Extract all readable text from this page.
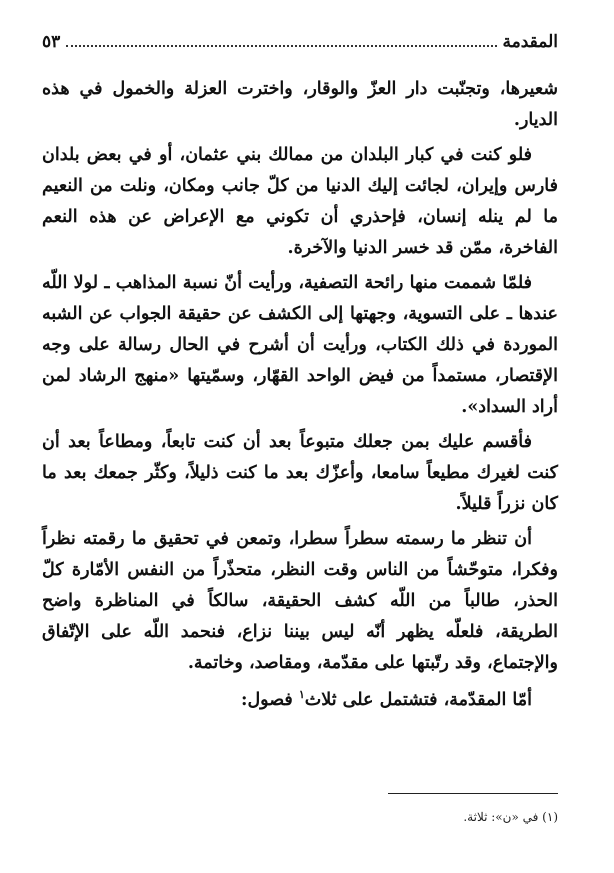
المقدمة
٥٣

شعيرها، وتجنّبت دار العزّ والوقار، واخترت العزلة والخمول في هذه الديار.

فلو كنت في كبار البلدان من ممالك بني عثمان، أو في بعض بلدان فارس وإيران، لجائت إليك الدنيا من كلّ جانب ومكان، ونلت من النعيم ما لم ينله إنسان، فإحذري أن تكوني مع الإعراض عن هذه النعم الفاخرة، ممّن قد خسر الدنيا والآخرة.

فلمّا شممت منها رائحة التصفية، ورأيت أنّ نسبة المذاهب ـ لولا اللّه عندها ـ على التسوية، وجهتها إلى الكشف عن حقيقة الجواب عن الشبه الموردة في ذلك الكتاب، ورأيت أن أشرح في الحال رسالة على وجه الإقتصار، مستمداً من فيض الواحد القهّار، وسمّيتها «منهج الرشاد لمن أراد السداد».

فأقسم عليك بمن جعلك متبوعاً بعد أن كنت تابعاً، ومطاعاً بعد أن كنت لغيرك مطيعاً سامعا، وأعزّك بعد ما كنت ذليلاً، وكثّر جمعك بعد ما كان نزراً قليلاً.

أن تنظر ما رسمته سطراً سطرا، وتمعن في تحقيق ما رقمته نظراً وفكرا، متوحّشاً من الناس وقت النظر، متحذّراً من النفس الأمّارة كلّ الحذر، طالباً من اللّه كشف الحقيقة، سالكاً في المناظرة واضح الطريقة، فلعلّه يظهر أنّه ليس بيننا نزاع، فنحمد اللّه على الإتّفاق والإجتماع، وقد رتّبتها على مقدّمة، ومقاصد، وخاتمة.

أمّا المقدّمة، فتشتمل على ثلاث$^١$ فصول:

(١) في «ن»: ثلاثة.
